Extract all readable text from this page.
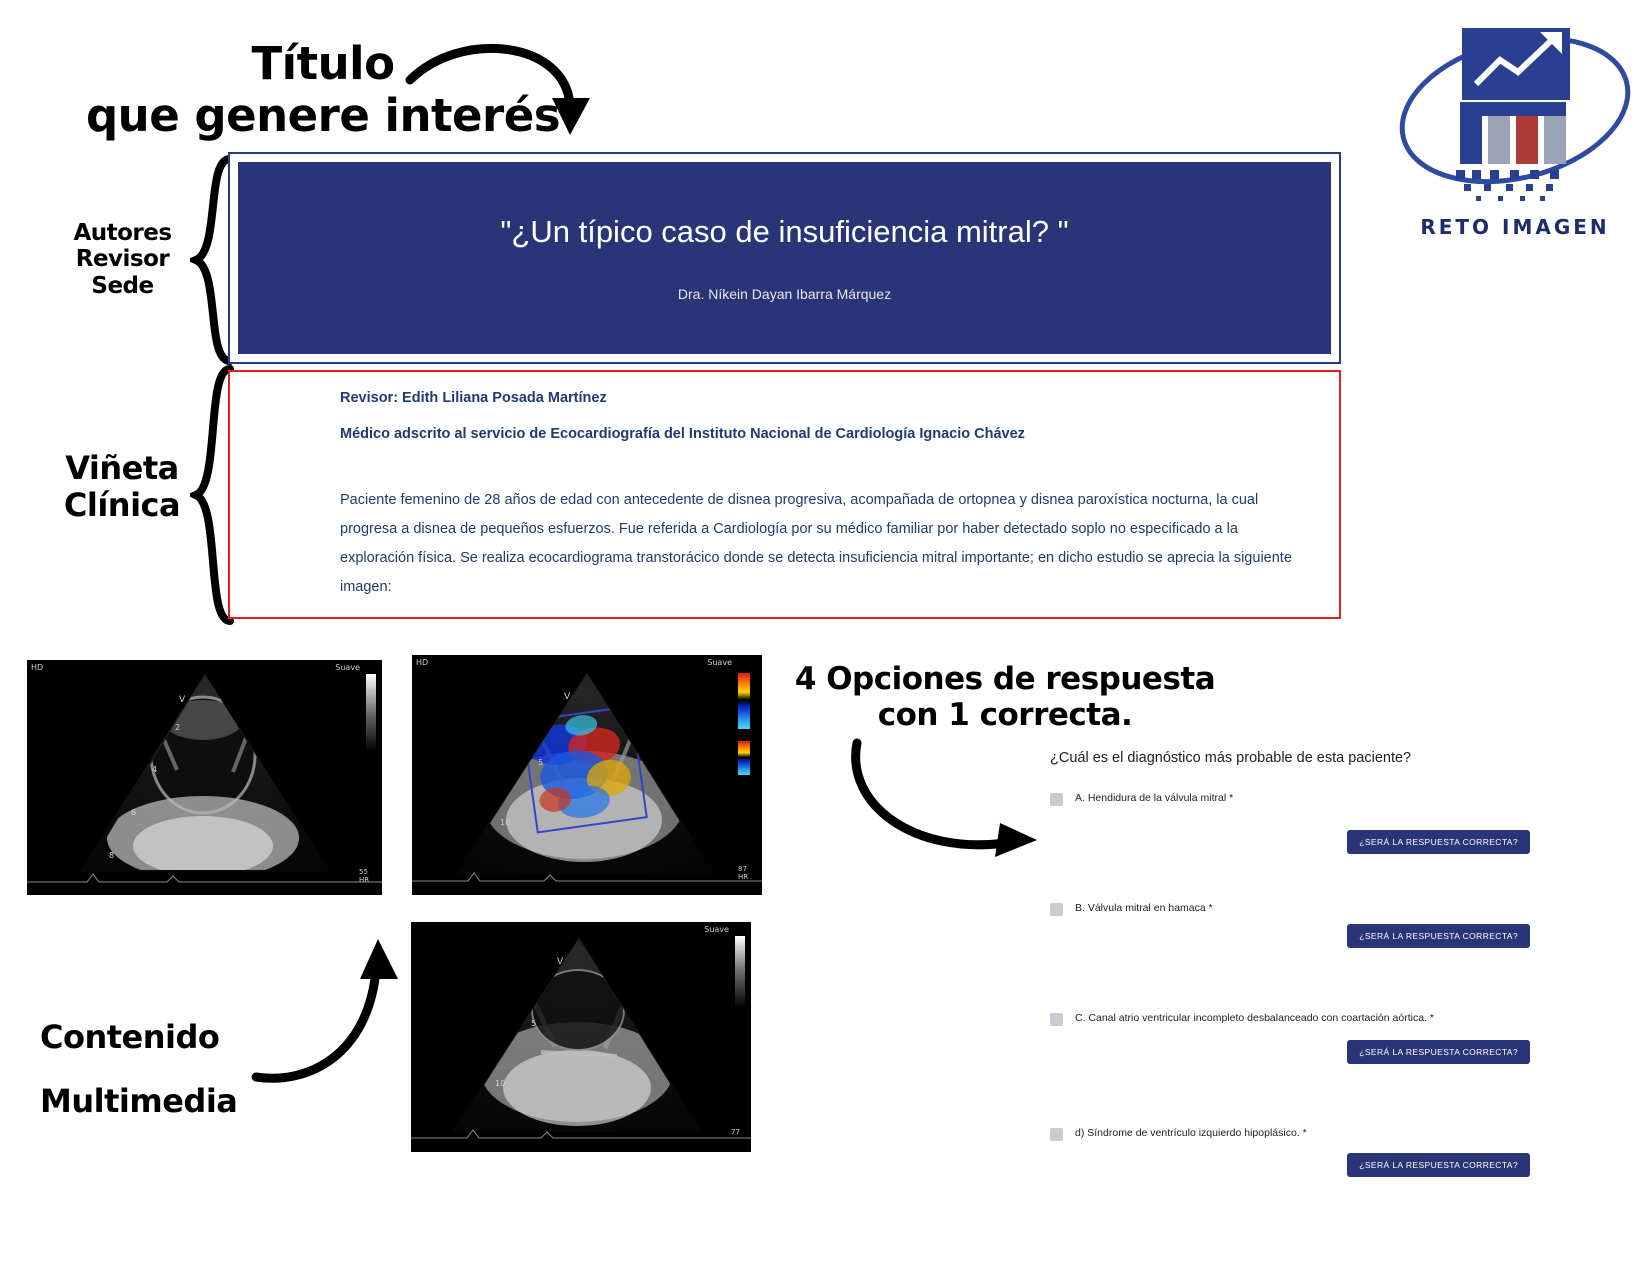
Título
que genere interés
Autores
Revisor
Sede
Viñeta
Clínica
4 Opciones de respuesta
con 1 correcta.
Contenido
Multimedia
RETO IMAGEN
"¿Un típico caso de insuficiencia mitral? "
Dra. Níkein Dayan Ibarra Márquez
Revisor: Edith Liliana Posada Martínez
Médico adscrito al servicio de Ecocardiografía del Instituto Nacional de Cardiología Ignacio Chávez
Paciente femenino de 28 años de edad con antecedente de disnea progresiva, acompañada de ortopnea y disnea paroxística nocturna, la cual progresa a disnea de pequeños esfuerzos. Fue referida a Cardiología por su médico familiar por haber detectado soplo no especificado a la exploración física. Se realiza ecocardiograma transtorácico donde se detecta insuficiencia mitral importante; en dicho estudio se aprecia la siguiente imagen:
HD	Suave
V
2
4
6
8
55
HR
HD	Suave
V
5
10
87
HR
Suave
V
5
10
77
¿Cuál es el diagnóstico más probable de esta paciente?
A. Hendidura de la válvula mitral *
¿SERÁ LA RESPUESTA CORRECTA?
B. Válvula mitral en hamaca *
¿SERÁ LA RESPUESTA CORRECTA?
C. Canal atrio ventricular incompleto desbalanceado con coartación aórtica. *
¿SERÁ LA RESPUESTA CORRECTA?
d) Síndrome de ventrículo izquierdo hipoplásico. *
¿SERÁ LA RESPUESTA CORRECTA?
